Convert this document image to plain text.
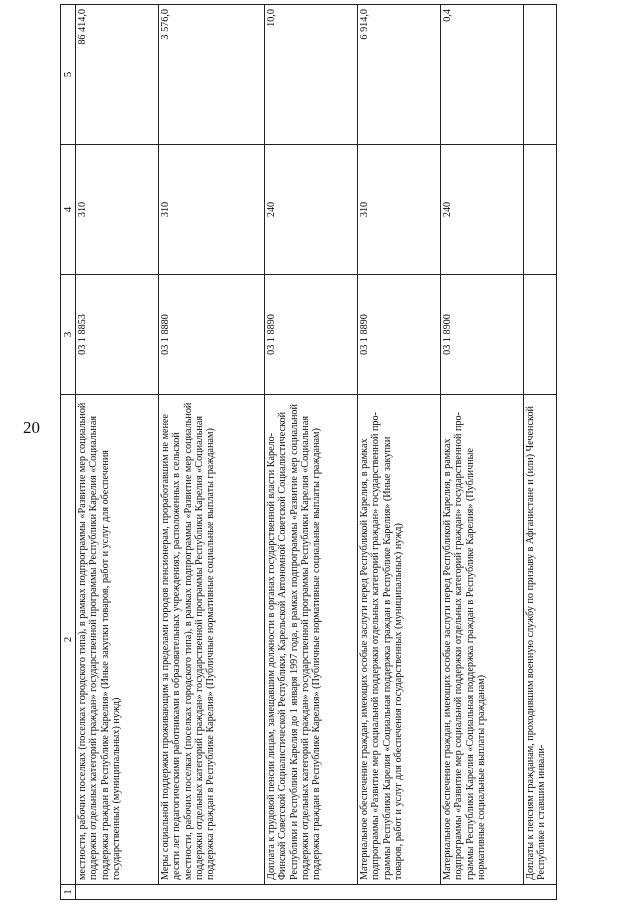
20
1	2	3	4	5
	местности, рабочих поселках (поселках городского типа), в рамках подпрограммы «Развитие мер социальной поддержки отдельных категорий граждан» государственной программы Республики Карелия «Социальная поддержка граждан в Республике Карелия» (Иные закупки товаров, работ и услуг для обеспечения государственных (муниципальных) нужд)	03 1 8853	310	86 414,0
	Меры социальной поддержки проживающим за пределами городов пенсионерам, проработавшим не менее десяти лет педагогическими работниками в образовательных учреждениях, расположенных в сельской местности, рабочих поселках (поселках городского типа), в рамках подпрограммы «Развитие мер социальной поддержки отдельных категорий граждан» государственной программы Республики Карелия «Социальная поддержка граждан в Республике Карелия» (Публичные нормативные социальные выплаты гражданам)	03 1 8880	310	3 576,0
	Доплата к трудовой пенсии лицам, замещавшим должности в органах государственной власти Карело-Финской Советской Социалистической Республики, Карельской Автономной Советской Социалистической Республики и Республики Карелия до 1 января 1997 года, в рамках подпрограммы «Развитие мер социальной поддержки отдельных категорий граждан» государственной программы Республики Карелия «Социальная поддержка граждан в Республике Карелия» (Публичные нормативные социальные выплаты гражданам)	03 1 8890	240	10,0
	Материальное обеспечение граждан, имеющих особые заслуги перед Республикой Карелия, в рамках подпрограммы «Развитие мер социальной поддержки отдельных категорий граждан» государственной программы Республики Карелия «Социальная поддержка граждан в Республике Карелия» (Иные закупки товаров, работ и услуг для обеспечения государственных (муниципальных) нужд)	03 1 8890	310	6 914,0
	Материальное обеспечение граждан, имеющих особые заслуги перед Республикой Карелия, в рамках подпрограммы «Развитие мер социальной поддержки отдельных категорий граждан» государственной программы Республики Карелия «Социальная поддержка граждан в Республике Карелия» (Публичные нормативные социальные выплаты гражданам)	03 1 8900	240	0,4
	Доплаты к пенсиям гражданам, проходившим военную службу по призыву в Афганистане и (или) Чеченской Республике и ставшим инвали-			
